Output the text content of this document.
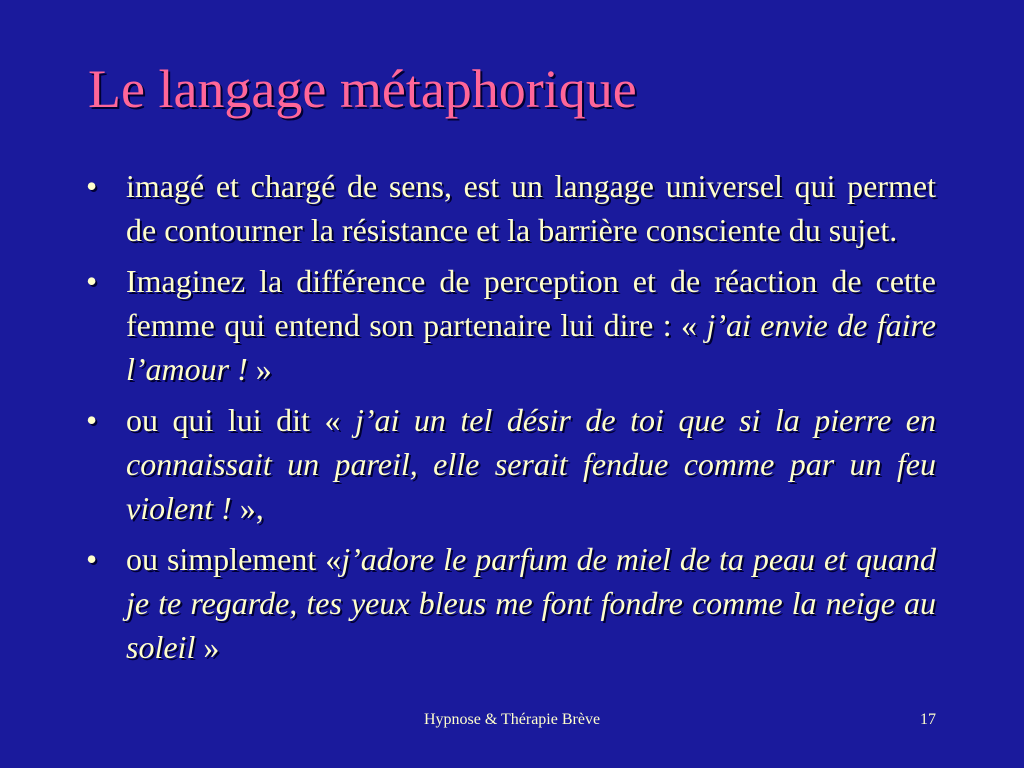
Le langage métaphorique
• imagé et chargé de sens, est un langage universel qui permet de contourner la résistance et la barrière consciente du sujet.
• Imaginez la différence de perception et de réaction de cette femme qui entend son partenaire lui dire : « j’ai envie de faire l’amour ! »
• ou qui lui dit « j’ai un tel désir de toi que si la pierre en connaissait un pareil, elle serait fendue comme par un feu violent ! »,
• ou simplement «j’adore le parfum de miel de ta peau et quand je te regarde, tes yeux bleus me font fondre comme la neige au soleil »
Hypnose & Thérapie Brève	17
